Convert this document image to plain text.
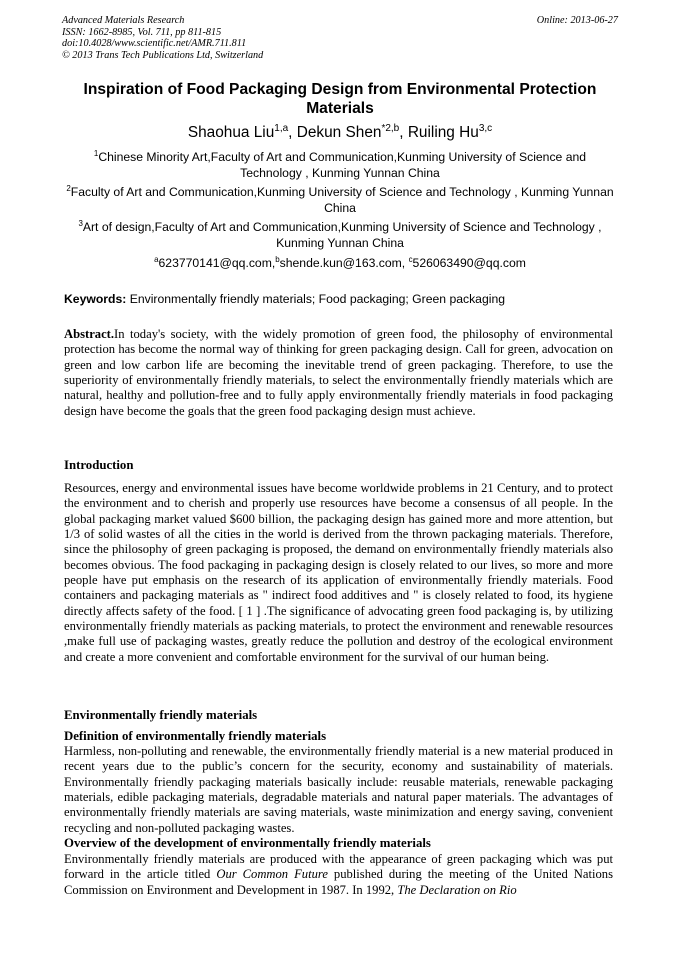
Advanced Materials Research
ISSN: 1662-8985, Vol. 711, pp 811-815
doi:10.4028/www.scientific.net/AMR.711.811
© 2013 Trans Tech Publications Ltd, Switzerland
Online: 2013-06-27
Inspiration of Food Packaging Design from Environmental Protection Materials
Shaohua Liu$^{1,a}$, Dekun Shen$^{*2,b}$, Ruiling Hu$^{3,c}$
$^1$Chinese Minority Art,Faculty of Art and Communication,Kunming University of Science and Technology , Kunming Yunnan China
$^2$Faculty of Art and Communication,Kunming University of Science and Technology , Kunming Yunnan China
$^3$Art of design,Faculty of Art and Communication,Kunming University of Science and Technology , Kunming Yunnan China
$^a$623770141@qq.com,$^b$shende.kun@163.com, $^c$526063490@qq.com
Keywords: Environmentally friendly materials; Food packaging; Green packaging
Abstract.In today's society, with the widely promotion of green food, the philosophy of environmental protection has become the normal way of thinking for green packaging design. Call for green, advocation on green and low carbon life are becoming the inevitable trend of green packaging. Therefore, to use the superiority of environmentally friendly materials, to select the environmentally friendly materials which are natural, healthy and pollution-free and to fully apply environmentally friendly materials in food packaging design have become the goals that the green food packaging design must achieve.
Introduction
Resources, energy and environmental issues have become worldwide problems in 21 Century, and to protect the environment and to cherish and properly use resources have become a consensus of all people. In the global packaging market valued $600 billion, the packaging design has gained more and more attention, but 1/3 of solid wastes of all the cities in the world is derived from the thrown packaging materials. Therefore, since the philosophy of green packaging is proposed, the demand on environmentally friendly materials also becomes obvious. The food packaging in packaging design is closely related to our lives, so more and more people have put emphasis on the research of its application of environmentally friendly materials. Food containers and packaging materials as " indirect food additives and " is closely related to food, its hygiene directly affects safety of the food. [ 1 ] .The significance of advocating green food packaging is, by utilizing environmentally friendly materials as packing materials, to protect the environment and renewable resources ,make full use of packaging wastes, greatly reduce the pollution and destroy of the ecological environment and create a more convenient and comfortable environment for the survival of our human being.
Environmentally friendly materials
Definition of environmentally friendly materials
Harmless, non-polluting and renewable, the environmentally friendly material is a new material produced in recent years due to the public’s concern for the security, economy and sustainability of materials. Environmentally friendly packaging materials basically include: reusable materials, renewable packaging materials, edible packaging materials, degradable materials and natural paper materials. The advantages of environmentally friendly materials are saving materials, waste minimization and energy saving, convenient recycling and non-polluted packaging wastes.
Overview of the development of environmentally friendly materials
Environmentally friendly materials are produced with the appearance of green packaging which was put forward in the article titled Our Common Future published during the meeting of the United Nations Commission on Environment and Development in 1987. In 1992, The Declaration on Rio
